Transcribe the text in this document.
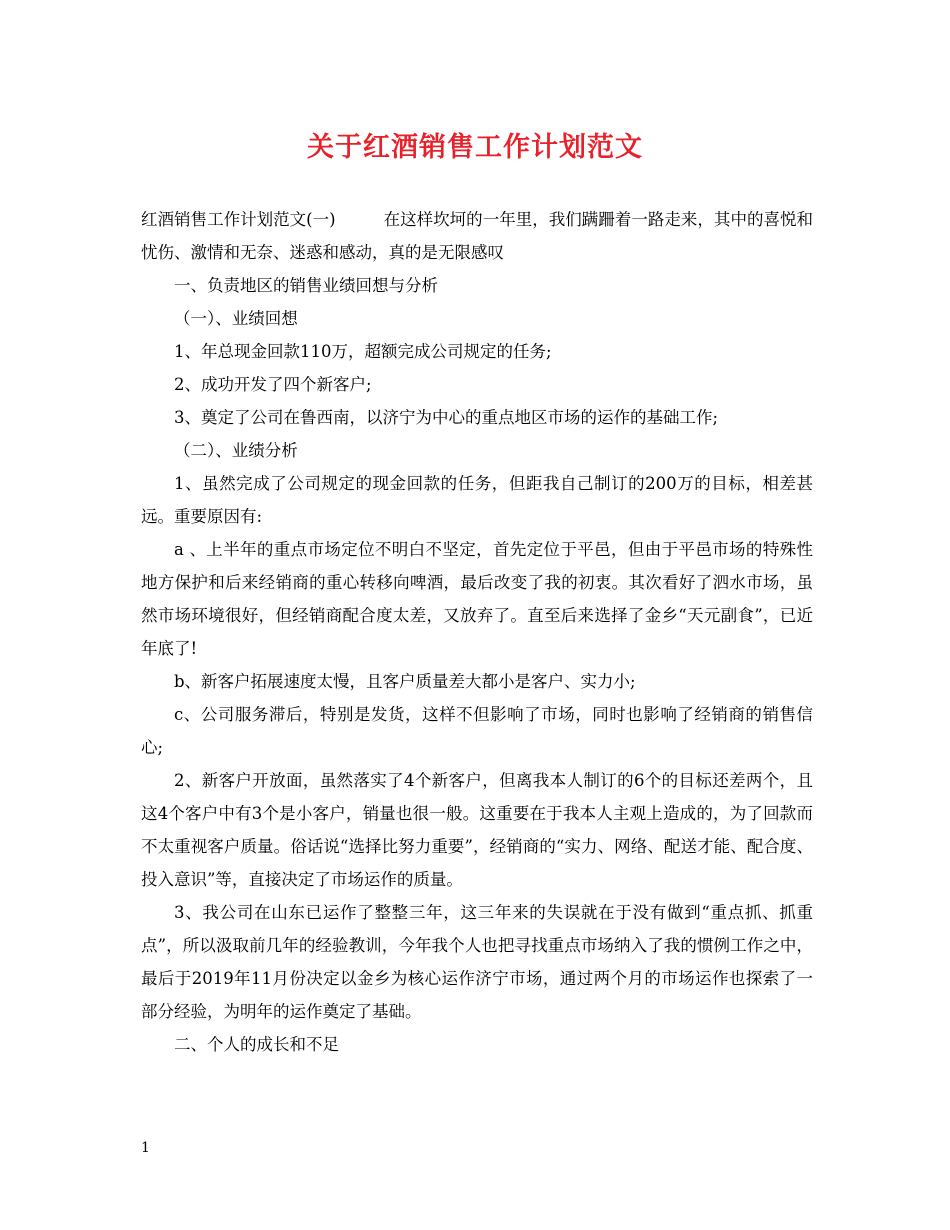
关于红酒销售工作计划范文

红酒销售工作计划范文(一)	在这样坎坷的一年里，我们蹒跚着一路走来，其中的喜悦和忧伤、激情和无奈、迷惑和感动，真的是无限感叹

一、负责地区的销售业绩回想与分析

（一）、业绩回想

1、年总现金回款110万，超额完成公司规定的任务;

2、成功开发了四个新客户;

3、奠定了公司在鲁西南，以济宁为中心的重点地区市场的运作的基础工作;

（二）、业绩分析

1、虽然完成了公司规定的现金回款的任务，但距我自己制订的200万的目标，相差甚远。重要原因有:

a 、上半年的重点市场定位不明白不坚定，首先定位于平邑，但由于平邑市场的特殊性地方保护和后来经销商的重心转移向啤酒，最后改变了我的初衷。其次看好了泗水市场，虽然市场环境很好，但经销商配合度太差，又放弃了。直至后来选择了金乡“天元副食”，已近年底了!

b、新客户拓展速度太慢，且客户质量差大都小是客户、实力小;

c、公司服务滞后，特别是发货，这样不但影响了市场，同时也影响了经销商的销售信心;

2、新客户开放面，虽然落实了4个新客户，但离我本人制订的6个的目标还差两个，且这4个客户中有3个是小客户，销量也很一般。这重要在于我本人主观上造成的，为了回款而不太重视客户质量。俗话说“选择比努力重要”，经销商的“实力、网络、配送才能、配合度、投入意识”等，直接决定了市场运作的质量。

3、我公司在山东已运作了整整三年，这三年来的失误就在于没有做到“重点抓、抓重点”，所以汲取前几年的经验教训，今年我个人也把寻找重点市场纳入了我的惯例工作之中，最后于2019年11月份决定以金乡为核心运作济宁市场，通过两个月的市场运作也探索了一部分经验，为明年的运作奠定了基础。

二、个人的成长和不足

1
